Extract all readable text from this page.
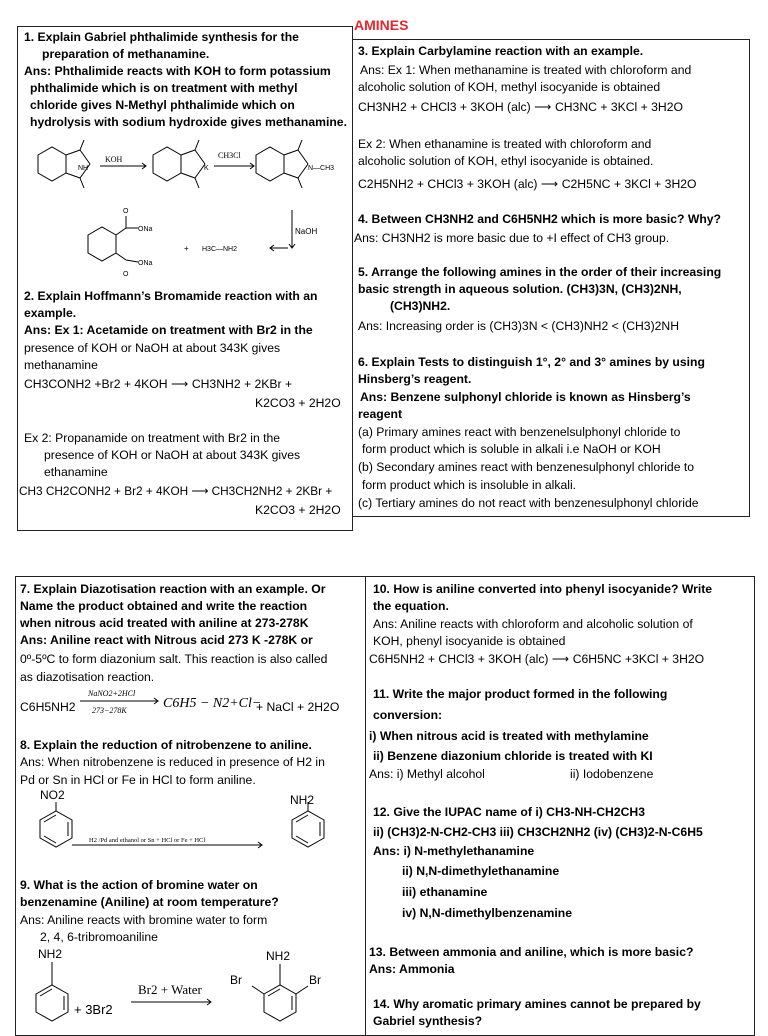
AMINES
1. Explain Gabriel phthalimide synthesis for the
preparation of methanamine.
Ans: Phthalimide reacts with KOH to form potassium
phthalimide which is on treatment with methyl
chloride gives N-Methyl phthalimide which on
hydrolysis with sodium hydroxide gives methanamine.
NH
KOH
K
CH3Cl
N—CH3
NaOH
ONa
ONa
O
O
+ H3C—NH2
2. Explain Hoffmann’s Bromamide reaction with an
example.
Ans: Ex 1: Acetamide on treatment with Br2 in the
presence of KOH or NaOH at about 343K gives
methanamine
CH3CONH2 +Br2 + 4KOH ⟶ CH3NH2 + 2KBr +
K2CO3 + 2H2O
Ex 2: Propanamide on treatment with Br2 in the
presence of KOH or NaOH at about 343K gives
ethanamine
CH3 CH2CONH2 + Br2 + 4KOH ⟶ CH3CH2NH2 + 2KBr +
K2CO3 + 2H2O
3. Explain Carbylamine reaction with an example.
Ans: Ex 1: When methanamine is treated with chloroform and
alcoholic solution of KOH, methyl isocyanide is obtained
CH3NH2 + CHCl3 + 3KOH (alc) ⟶ CH3NC + 3KCl + 3H2O
Ex 2: When ethanamine is treated with chloroform and
alcoholic solution of KOH, ethyl isocyanide is obtained.
C2H5NH2 + CHCl3 + 3KOH (alc) ⟶ C2H5NC + 3KCl + 3H2O
4. Between CH3NH2 and C6H5NH2 which is more basic? Why?
Ans: CH3NH2 is more basic due to +I effect of CH3 group.
5. Arrange the following amines in the order of their increasing
basic strength in aqueous solution. (CH3)3N, (CH3)2NH,
(CH3)NH2.
Ans: Increasing order is (CH3)3N < (CH3)NH2 < (CH3)2NH
6. Explain Tests to distinguish 1°, 2° and 3° amines by using
Hinsberg’s reagent.
Ans: Benzene sulphonyl chloride is known as Hinsberg’s
reagent
(a) Primary amines react with benzenelsulphonyl chloride to
form product which is soluble in alkali i.e NaOH or KOH
(b) Secondary amines react with benzenesulphonyl chloride to
form product which is insoluble in alkali.
(c) Tertiary amines do not react with benzenesulphonyl chloride
7. Explain Diazotisation reaction with an example. Or
Name the product obtained and write the reaction
when nitrous acid treated with aniline at 273-278K
Ans: Aniline react with Nitrous acid 273 K -278K or
0º-5ºC to form diazonium salt. This reaction is also called
as diazotisation reaction.
C6H5NH2
NaNO2+2HCl
273−278K	C6H5 − N2+Cl−
+ NaCl + 2H2O
8. Explain the reduction of nitrobenzene to aniline.
Ans: When nitrobenzene is reduced in presence of H2 in
Pd or Sn in HCl or Fe in HCl to form aniline.
NO2	NH2
H2 /Pd and ethanol or Sn + HCl or Fe + HCl
9. What is the action of bromine water on
benzenamine (Aniline) at room temperature?
Ans: Aniline reacts with bromine water to form
2, 4, 6-tribromoaniline
NH2
+ 3Br2
Br2 + Water
NH2
Br	Br
10. How is aniline converted into phenyl isocyanide? Write
the equation.
Ans: Aniline reacts with chloroform and alcoholic solution of
KOH, phenyl isocyanide is obtained
C6H5NH2 + CHCl3 + 3KOH (alc) ⟶ C6H5NC +3KCl + 3H2O
11. Write the major product formed in the following
conversion:
i) When nitrous acid is treated with methylamine
ii) Benzene diazonium chloride is treated with KI
Ans: i) Methyl alcohol	ii) Iodobenzene
12. Give the IUPAC name of i) CH3-NH-CH2CH3
ii) (CH3)2-N-CH2-CH3 iii) CH3CH2NH2 (iv) (CH3)2-N-C6H5
Ans: i) N-methylethanamine
ii) N,N-dimethylethanamine
iii) ethanamine
iv) N,N-dimethylbenzenamine
13. Between ammonia and aniline, which is more basic?
Ans: Ammonia
14. Why aromatic primary amines cannot be prepared by
Gabriel synthesis?
